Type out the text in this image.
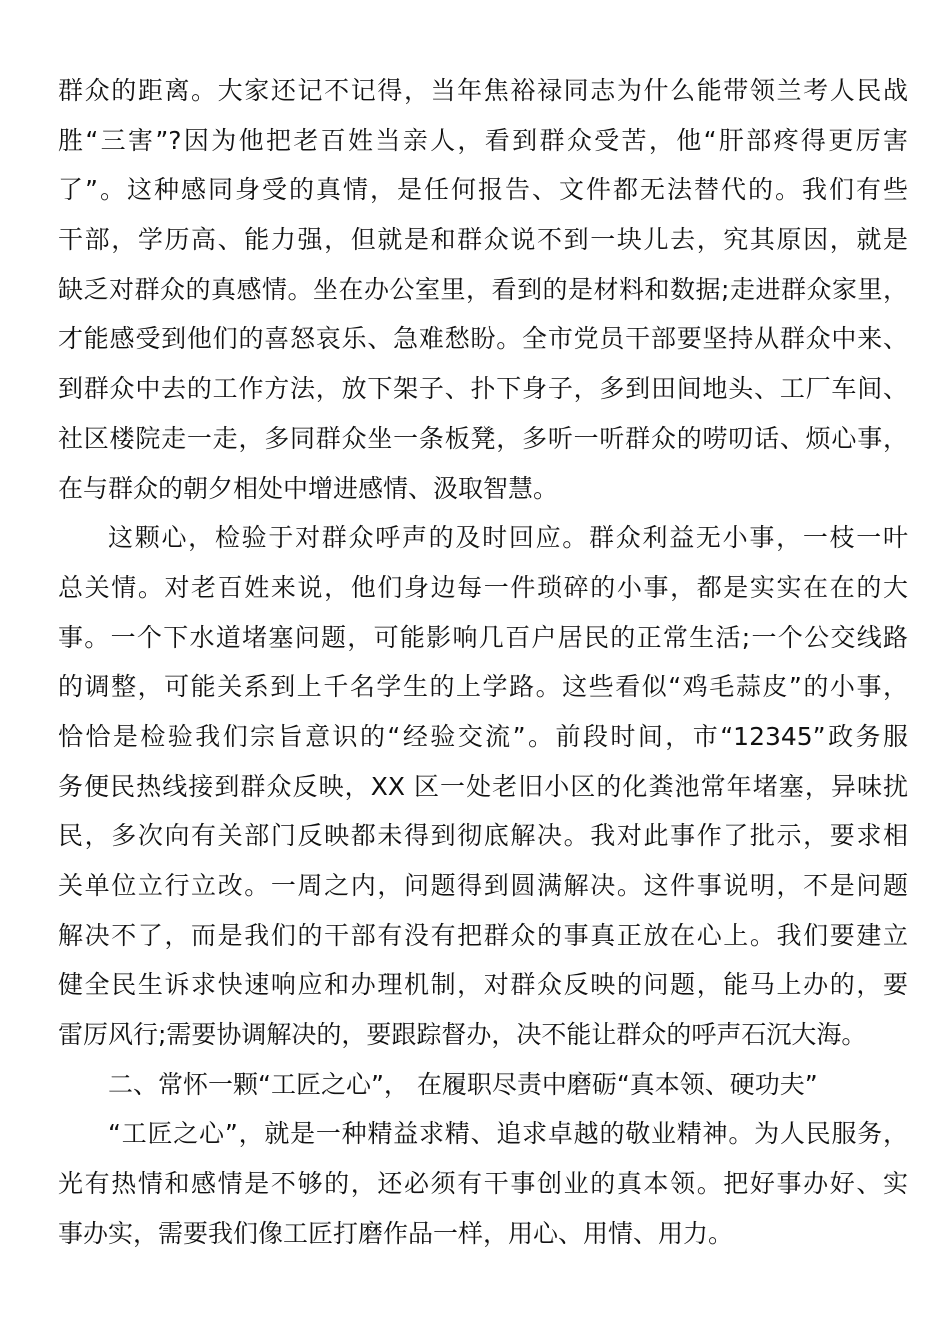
群众的距离。大家还记不记得，当年焦裕禄同志为什么能带领兰考人民战
胜“三害”?因为他把老百姓当亲人，看到群众受苦，他“肝部疼得更厉害
了”。这种感同身受的真情，是任何报告、文件都无法替代的。我们有些
干部，学历高、能力强，但就是和群众说不到一块儿去，究其原因，就是
缺乏对群众的真感情。坐在办公室里，看到的是材料和数据;走进群众家里，
才能感受到他们的喜怒哀乐、急难愁盼。全市党员干部要坚持从群众中来、
到群众中去的工作方法，放下架子、扑下身子，多到田间地头、工厂车间、
社区楼院走一走，多同群众坐一条板凳，多听一听群众的唠叨话、烦心事，
在与群众的朝夕相处中增进感情、汲取智慧。
这颗心，检验于对群众呼声的及时回应。群众利益无小事，一枝一叶
总关情。对老百姓来说，他们身边每一件琐碎的小事，都是实实在在的大
事。一个下水道堵塞问题，可能影响几百户居民的正常生活;一个公交线路
的调整，可能关系到上千名学生的上学路。这些看似“鸡毛蒜皮”的小事，
恰恰是检验我们宗旨意识的“经验交流”。前段时间，市“12345”政务服
务便民热线接到群众反映，XX 区一处老旧小区的化粪池常年堵塞，异味扰
民，多次向有关部门反映都未得到彻底解决。我对此事作了批示，要求相
关单位立行立改。一周之内，问题得到圆满解决。这件事说明，不是问题
解决不了，而是我们的干部有没有把群众的事真正放在心上。我们要建立
健全民生诉求快速响应和办理机制，对群众反映的问题，能马上办的，要
雷厉风行;需要协调解决的，要跟踪督办，决不能让群众的呼声石沉大海。
二、常怀一颗“工匠之心”， 在履职尽责中磨砺“真本领、硬功夫”
“工匠之心”，就是一种精益求精、追求卓越的敬业精神。为人民服务，
光有热情和感情是不够的，还必须有干事创业的真本领。把好事办好、实
事办实，需要我们像工匠打磨作品一样，用心、用情、用力。
